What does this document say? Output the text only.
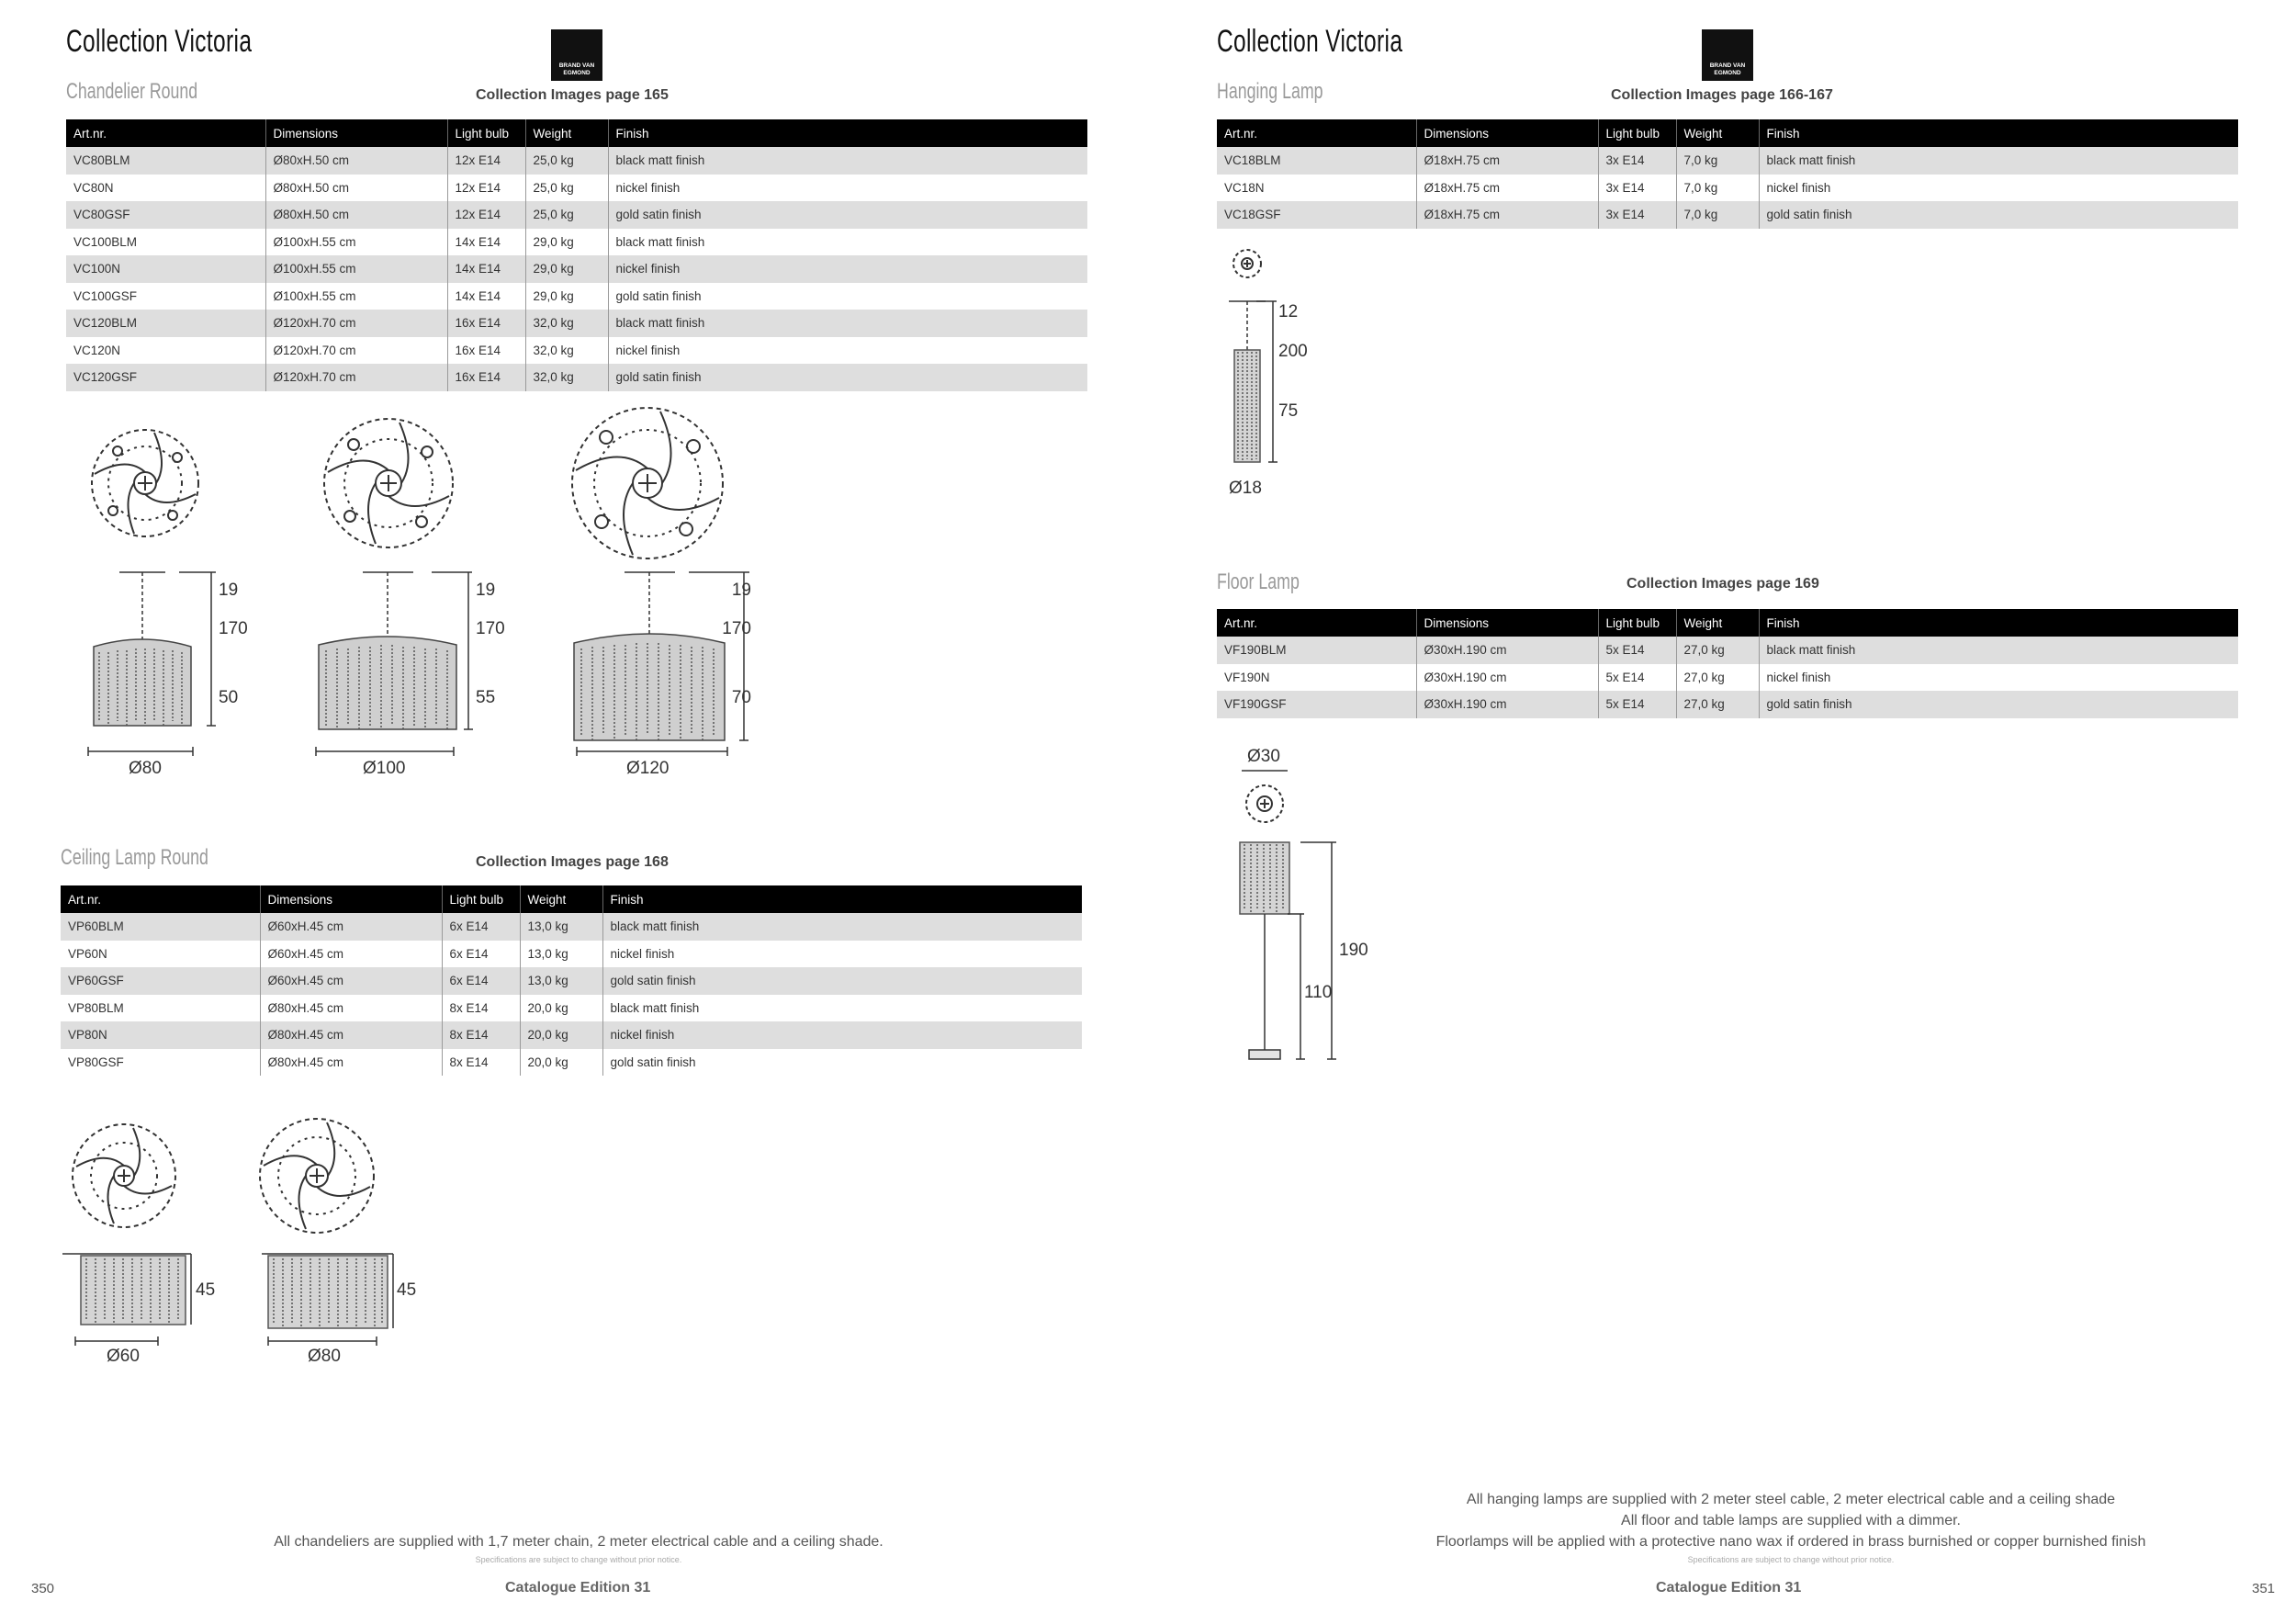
Collection Victoria
BRAND VAN
EGMOND
Chandelier Round	Collection Images page 165
Art.nr.	Dimensions	Light bulb	Weight	Finish
VC80BLM	Ø80xH.50 cm	12x E14	25,0 kg	black matt finish
VC80N	Ø80xH.50 cm	12x E14	25,0 kg	nickel finish
VC80GSF	Ø80xH.50 cm	12x E14	25,0 kg	gold satin finish
VC100BLM	Ø100xH.55 cm	14x E14	29,0 kg	black matt finish
VC100N	Ø100xH.55 cm	14x E14	29,0 kg	nickel finish
VC100GSF	Ø100xH.55 cm	14x E14	29,0 kg	gold satin finish
VC120BLM	Ø120xH.70 cm	16x E14	32,0 kg	black matt finish
VC120N	Ø120xH.70 cm	16x E14	32,0 kg	nickel finish
VC120GSF	Ø120xH.70 cm	16x E14	32,0 kg	gold satin finish
19
170
50
Ø80
19
170
55
Ø100
19
170
70
Ø120
Ceiling Lamp Round	Collection Images page 168
Art.nr.	Dimensions	Light bulb	Weight	Finish
VP60BLM	Ø60xH.45 cm	6x E14	13,0 kg	black matt finish
VP60N	Ø60xH.45 cm	6x E14	13,0 kg	nickel finish
VP60GSF	Ø60xH.45 cm	6x E14	13,0 kg	gold satin finish
VP80BLM	Ø80xH.45 cm	8x E14	20,0 kg	black matt finish
VP80N	Ø80xH.45 cm	8x E14	20,0 kg	nickel finish
VP80GSF	Ø80xH.45 cm	8x E14	20,0 kg	gold satin finish
45
Ø60
45
Ø80
All chandeliers are supplied with 1,7 meter chain, 2 meter electrical cable and a ceiling shade.
Specifications are subject to change without prior notice.
Catalogue Edition 31
350
Collection Victoria
BRAND VAN
EGMOND
Hanging Lamp	Collection Images page 166-167
Art.nr.	Dimensions	Light bulb	Weight	Finish
VC18BLM	Ø18xH.75 cm	3x E14	7,0 kg	black matt finish
VC18N	Ø18xH.75 cm	3x E14	7,0 kg	nickel finish
VC18GSF	Ø18xH.75 cm	3x E14	7,0 kg	gold satin finish
12
200
75
Ø18
Floor Lamp	Collection Images page 169
Art.nr.	Dimensions	Light bulb	Weight	Finish
VF190BLM	Ø30xH.190 cm	5x E14	27,0 kg	black matt finish
VF190N	Ø30xH.190 cm	5x E14	27,0 kg	nickel finish
VF190GSF	Ø30xH.190 cm	5x E14	27,0 kg	gold satin finish
Ø30
190
110
All hanging lamps are supplied with 2 meter steel cable, 2 meter electrical cable and a ceiling shade
All floor and table lamps are supplied with a dimmer.
Floorlamps will be applied with a protective nano wax if ordered in brass burnished or copper burnished finish
Specifications are subject to change without prior notice.
Catalogue Edition 31	351
